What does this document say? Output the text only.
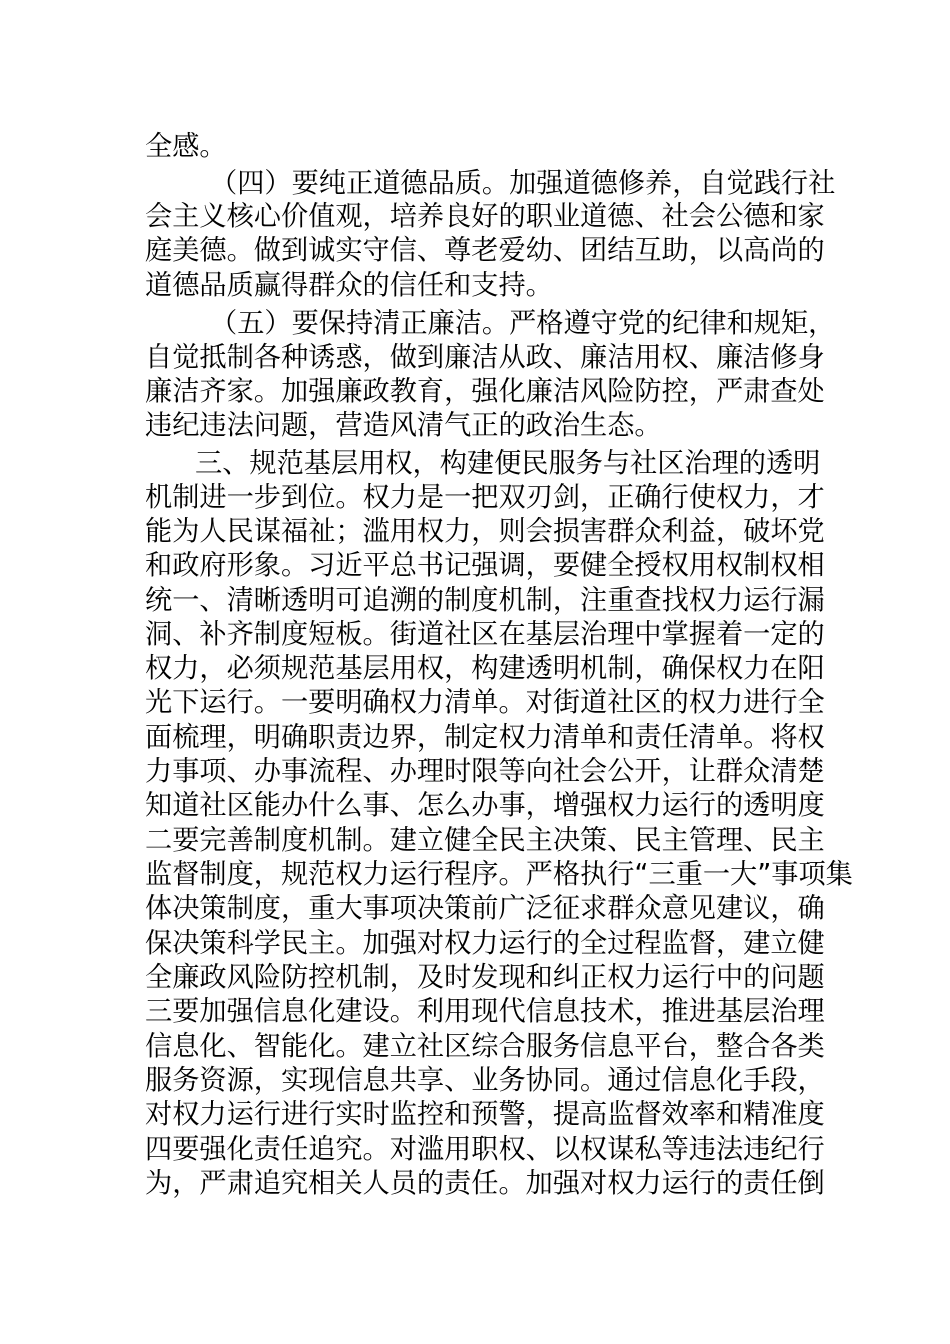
全感。
（四）要纯正道德品质。加强道德修养，自觉践行社
会主义核心价值观，培养良好的职业道德、社会公德和家
庭美德。做到诚实守信、尊老爱幼、团结互助，以高尚的
道德品质赢得群众的信任和支持。
（五）要保持清正廉洁。严格遵守党的纪律和规矩，
自觉抵制各种诱惑，做到廉洁从政、廉洁用权、廉洁修身
廉洁齐家。加强廉政教育，强化廉洁风险防控，严肃查处
违纪违法问题，营造风清气正的政治生态。
三、规范基层用权，构建便民服务与社区治理的透明
机制进一步到位。权力是一把双刃剑，正确行使权力，才
能为人民谋福祉；滥用权力，则会损害群众利益，破坏党
和政府形象。习近平总书记强调，要健全授权用权制权相
统一、清晰透明可追溯的制度机制，注重查找权力运行漏
洞、补齐制度短板。街道社区在基层治理中掌握着一定的
权力，必须规范基层用权，构建透明机制，确保权力在阳
光下运行。一要明确权力清单。对街道社区的权力进行全
面梳理，明确职责边界，制定权力清单和责任清单。将权
力事项、办事流程、办理时限等向社会公开，让群众清楚
知道社区能办什么事、怎么办事，增强权力运行的透明度
二要完善制度机制。建立健全民主决策、民主管理、民主
监督制度，规范权力运行程序。严格执行“三重一大”事项集
体决策制度，重大事项决策前广泛征求群众意见建议，确
保决策科学民主。加强对权力运行的全过程监督，建立健
全廉政风险防控机制，及时发现和纠正权力运行中的问题
三要加强信息化建设。利用现代信息技术，推进基层治理
信息化、智能化。建立社区综合服务信息平台，整合各类
服务资源，实现信息共享、业务协同。通过信息化手段，
对权力运行进行实时监控和预警，提高监督效率和精准度
四要强化责任追究。对滥用职权、以权谋私等违法违纪行
为，严肃追究相关人员的责任。加强对权力运行的责任倒
